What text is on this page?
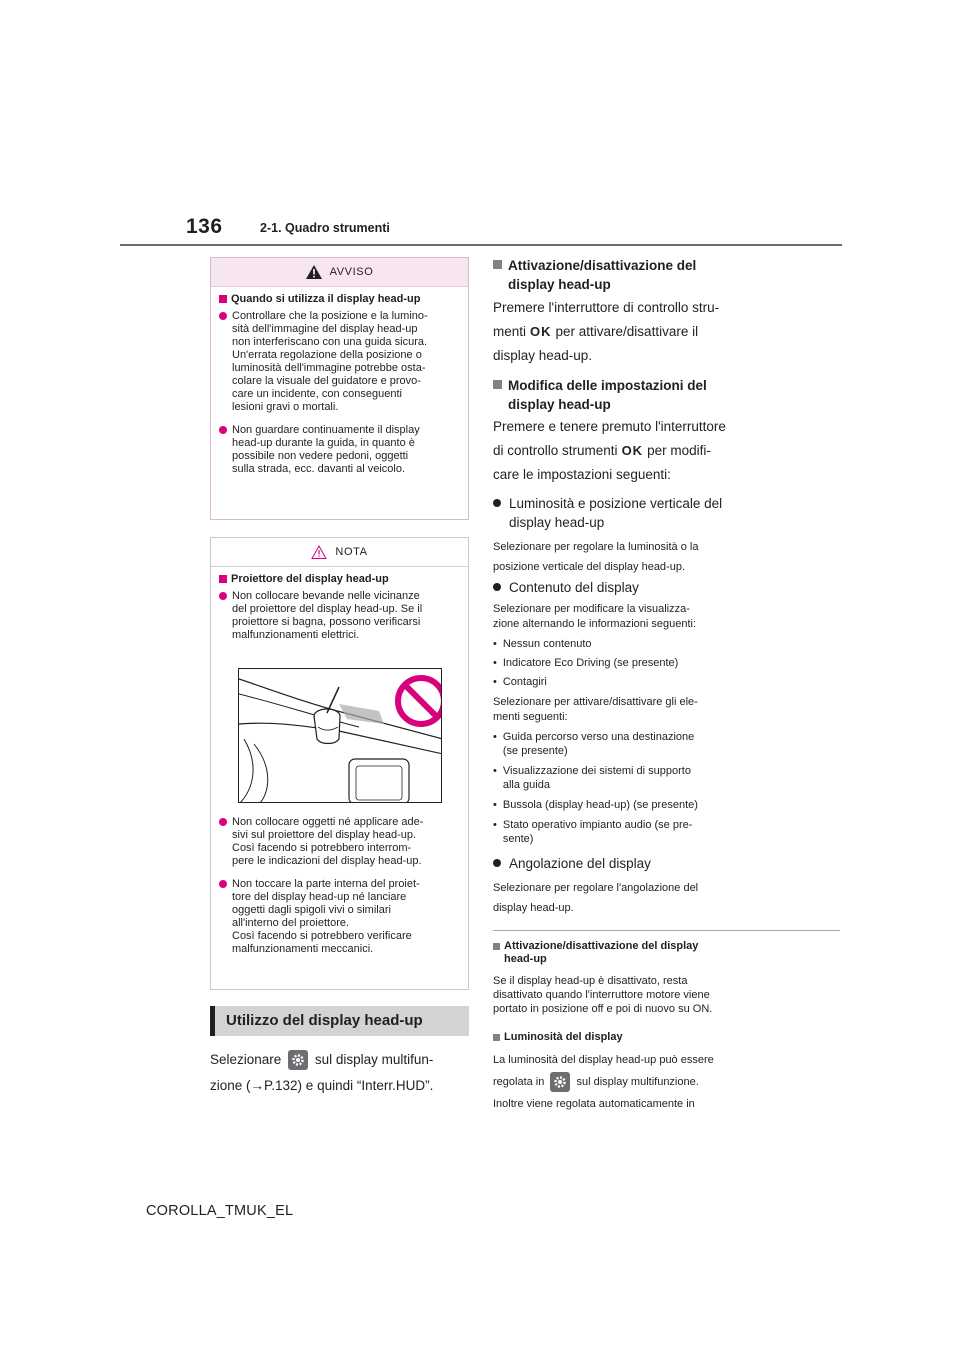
136	2-1. Quadro strumenti
AVVISO
Quando si utilizza il display head-up
Controllare che la posizione e la lumino-
sità dell'immagine del display head-up
non interferiscano con una guida sicura.
Un'errata regolazione della posizione o
luminosità dell'immagine potrebbe osta-
colare la visuale del guidatore e provo-
care un incidente, con conseguenti
lesioni gravi o mortali.
Non guardare continuamente il display
head-up durante la guida, in quanto è
possibile non vedere pedoni, oggetti
sulla strada, ecc. davanti al veicolo.
NOTA
Proiettore del display head-up
Non collocare bevande nelle vicinanze
del proiettore del display head-up. Se il
proiettore si bagna, possono verificarsi
malfunzionamenti elettrici.
Non collocare oggetti né applicare ade-
sivi sul proiettore del display head-up.
Così facendo si potrebbero interrom-
pere le indicazioni del display head-up.
Non toccare la parte interna del proiet-
tore del display head-up né lanciare
oggetti dagli spigoli vivi o similari
all'interno del proiettore.
Così facendo si potrebbero verificare
malfunzionamenti meccanici.
Utilizzo del display head-up
Selezionare sul display multifun-
zione (→P.132) e quindi “Interr.HUD”.
Attivazione/disattivazione del
display head-up
Premere l'interruttore di controllo stru-
menti OK per attivare/disattivare il
display head-up.
Modifica delle impostazioni del
display head-up
Premere e tenere premuto l'interruttore
di controllo strumenti OK per modifi-
care le impostazioni seguenti:
Luminosità e posizione verticale del
display head-up
Selezionare per regolare la luminosità o la
posizione verticale del display head-up.
Contenuto del display
Selezionare per modificare la visualizza-
zione alternando le informazioni seguenti:
• Nessun contenuto
• Indicatore Eco Driving (se presente)
• Contagiri
Selezionare per attivare/disattivare gli ele-
menti seguenti:
• Guida percorso verso una destinazione
(se presente)
• Visualizzazione dei sistemi di supporto
alla guida
• Bussola (display head-up) (se presente)
• Stato operativo impianto audio (se pre-
sente)
Angolazione del display
Selezionare per regolare l'angolazione del
display head-up.
Attivazione/disattivazione del display
head-up
Se il display head-up è disattivato, resta
disattivato quando l'interruttore motore viene
portato in posizione off e poi di nuovo su ON.
Luminosità del display
La luminosità del display head-up può essere
regolata in	sul display multifunzione.
Inoltre viene regolata automaticamente in
COROLLA_TMUK_EL
